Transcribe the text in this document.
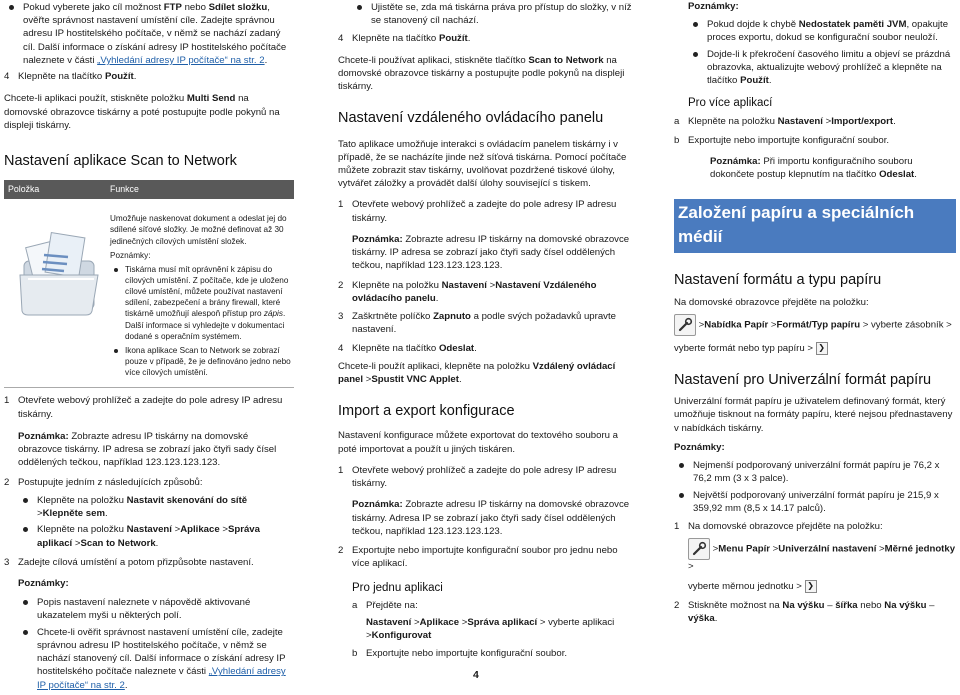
Pokud vyberete jako cíl možnost FTP nebo Sdílet složku, ověřte správnost nastavení umístění cíle. Zadejte správnou adresu IP hostitelského počítače, v němž se nachází zadaný cíl. Další informace o získání adresy IP hostitelského počítače naleznete v části „Vyhledání adresy IP počítače“ na str. 2.
4 Klepněte na tlačítko Použít.

Chcete-li aplikaci použít, stiskněte položku Multi Send na domovské obrazovce tiskárny a poté postupujte podle pokynů na displeji tiskárny.

Nastavení aplikace Scan to Network
Položka	Funkce
Umožňuje naskenovat dokument a odeslat jej do sdílené síťové složky. Je možné definovat až 30 jedinečných cílových umístění složek.
Poznámky:
Tiskárna musí mít oprávnění k zápisu do cílových umístění. Z počítače, kde je uloženo cílové umístění, můžete používat nastavení sdílení, zabezpečení a brány firewall, které tiskárně umožňují alespoň přístup pro zápis. Další informace si vyhledejte v dokumentaci dodané s operačním systémem.
Ikona aplikace Scan to Network se zobrazí pouze v případě, že je definováno jedno nebo více cílových umístění.
1 Otevřete webový prohlížeč a zadejte do pole adresy IP adresu tiskárny.

Poznámka: Zobrazte adresu IP tiskárny na domovské obrazovce tiskárny. IP adresa se zobrazí jako čtyři sady čísel oddělených tečkou, například 123.123.123.123.

2 Postupujte jedním z následujících způsobů:
Klepněte na položku Nastavit skenování do sítě >Klepněte sem.
Klepněte na položku Nastavení >Aplikace >Správa aplikací >Scan to Network.
3 Zadejte cílová umístění a potom přizpůsobte nastavení.

Poznámky:

Popis nastavení naleznete v nápovědě aktivované ukazatelem myši u některých polí.
Chcete-li ověřit správnost nastavení umístění cíle, zadejte správnou adresu IP hostitelského počítače, v němž se nachází stanovený cíl. Další informace o získání adresy IP hostitelského počítače naleznete v části „Vyhledání adresy IP počítače“ na str. 2.
Ujistěte se, zda má tiskárna práva pro přístup do složky, v níž se stanovený cíl nachází.
4 Klepněte na tlačítko Použít.

Chcete-li používat aplikaci, stiskněte tlačítko Scan to Network na domovské obrazovce tiskárny a postupujte podle pokynů na displeji tiskárny.

Nastavení vzdáleného ovládacího panelu

Tato aplikace umožňuje interakci s ovládacím panelem tiskárny i v případě, že se nacházíte jinde než síťová tiskárna. Pomocí počítače můžete zobrazit stav tiskárny, uvolňovat pozdržené tiskové úlohy, vytvářet záložky a provádět další úlohy související s tiskem.

1 Otevřete webový prohlížeč a zadejte do pole adresy IP adresu tiskárny.

Poznámka: Zobrazte adresu IP tiskárny na domovské obrazovce tiskárny. IP adresa se zobrazí jako čtyři sady čísel oddělených tečkou, například 123.123.123.123.

2 Klepněte na položku Nastavení >Nastavení Vzdáleného ovládacího panelu.
3 Zaškrtněte políčko Zapnuto a podle svých požadavků upravte nastavení.
4 Klepněte na tlačítko Odeslat.

Chcete-li použít aplikaci, klepněte na položku Vzdálený ovládací panel >Spustit VNC Applet.

Import a export konfigurace

Nastavení konfigurace můžete exportovat do textového souboru a poté importovat a použít u jiných tiskáren.

1 Otevřete webový prohlížeč a zadejte do pole adresy IP adresu tiskárny.

Poznámka: Zobrazte adresu IP tiskárny na domovské obrazovce tiskárny. Adresa IP se zobrazí jako čtyři sady čísel oddělených tečkou, například 123.123.123.123.

2 Exportujte nebo importujte konfigurační soubor pro jednu nebo více aplikací.
Pro jednu aplikaci
a Přejděte na:
Nastavení >Aplikace >Správa aplikací > vyberte aplikaci >Konfigurovat
b Exportujte nebo importujte konfigurační soubor.

Poznámky:

Pokud dojde k chybě Nedostatek paměti JVM, opakujte proces exportu, dokud se konfigurační soubor neuloží.
Dojde-li k překročení časového limitu a objeví se prázdná obrazovka, aktualizujte webový prohlížeč a klepněte na tlačítko Použít.
Pro více aplikací
a Klepněte na položku Nastavení >Import/export.
b Exportujte nebo importujte konfigurační soubor.

Poznámka: Při importu konfiguračního souboru dokončete postup klepnutím na tlačítko Odeslat.

Založení papíru a speciálních médií
Nastavení formátu a typu papíru

Na domovské obrazovce přejděte na položku:

>Nabídka Papír >Formát/Typ papíru > vyberte zásobník >
vyberte formát nebo typ papíru > ❯
Nastavení pro Univerzální formát papíru

Univerzální formát papíru je uživatelem definovaný formát, který umožňuje tisknout na formáty papíru, které nejsou přednastaveny v nabídkách tiskárny.

Poznámky:

Nejmenší podporovaný univerzální formát papíru je 76,2 x 76,2 mm (3 x 3 palce).
Největší podporovaný univerzální formát papíru je 215,9 x 359,92 mm (8,5 x 14.17 palců).
1 Na domovské obrazovce přejděte na položku:
>Menu Papír >Univerzální nastavení >Měrné jednotky >
vyberte měrnou jednotku > ❯
2 Stiskněte možnost na Na výšku – šířka nebo Na výšku – výška.
4
